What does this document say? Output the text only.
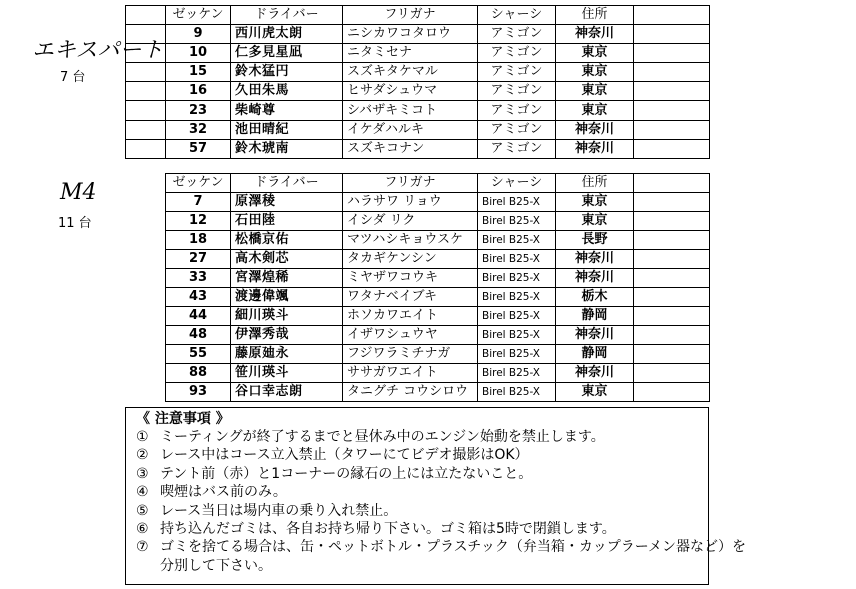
エキスパート
7 台
M4
11 台
	ゼッケン	ドライバー	フリガナ	シャーシ	住所	
	9	西川虎太朗	ニシカワコタロウ	アミゴン	神奈川	
	10	仁多見星凪	ニタミセナ	アミゴン	東京	
	15	鈴木猛円	スズキタケマル	アミゴン	東京	
	16	久田朱馬	ヒサダシュウマ	アミゴン	東京	
	23	柴崎尊	シバザキミコト	アミゴン	東京	
	32	池田晴紀	イケダハルキ	アミゴン	神奈川	
	57	鈴木琥南	スズキコナン	アミゴン	神奈川	
ゼッケン	ドライバー	フリガナ	シャーシ	住所	
7	原澤稜	ハラサワ リョウ	Birel B25-X	東京	
12	石田陸	イシダ リク	Birel B25-X	東京	
18	松橋京佑	マツハシキョウスケ	Birel B25-X	長野	
27	高木剣芯	タカギケンシン	Birel B25-X	神奈川	
33	宮澤煌稀	ミヤザワコウキ	Birel B25-X	神奈川	
43	渡邊偉颯	ワタナベイブキ	Birel B25-X	栃木	
44	細川瑛斗	ホソカワエイト	Birel B25-X	静岡	
48	伊澤秀哉	イザワシュウヤ	Birel B25-X	神奈川	
55	藤原廸永	フジワラミチナガ	Birel B25-X	静岡	
88	笹川瑛斗	ササガワエイト	Birel B25-X	神奈川	
93	谷口幸志朗	タニグチ コウシロウ	Birel B25-X	東京	
《 注意事項 》
① ミーティングが終了するまでと昼休み中のエンジン始動を禁止します。
② レース中はコース立入禁止（タワーにてビデオ撮影はOK）
③ テント前（赤）と1コーナーの縁石の上には立たないこと。
④ 喫煙はバス前のみ。
⑤ レース当日は場内車の乗り入れ禁止。
⑥ 持ち込んだゴミは、各自お持ち帰り下さい。ゴミ箱は5時で閉鎖します。
⑦ ゴミを捨てる場合は、缶・ペットボトル・プラスチック（弁当箱・カップラーメン器など）を
分別して下さい。
